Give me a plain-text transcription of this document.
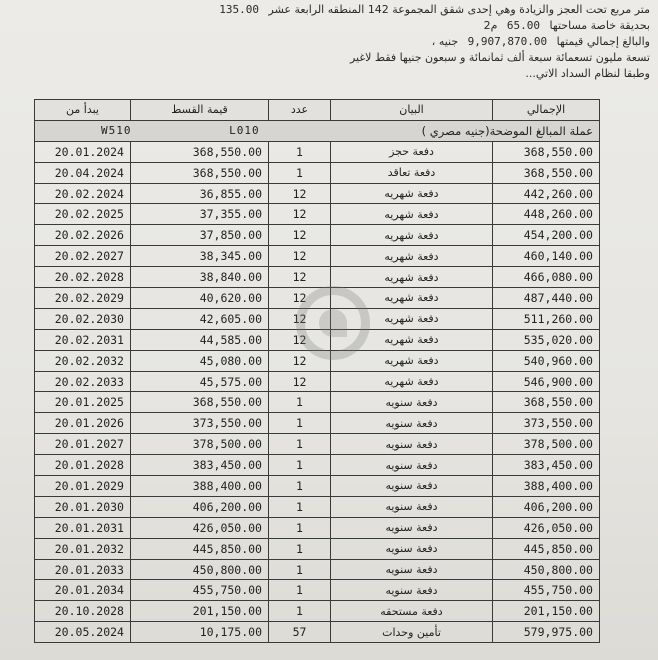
متر مربع تحت العجز والزيادة وهي إحدى شقق المجموعة 142 المنطقه الرابعة عشر 135.00
بحديقة خاصة مساحتها 65.00 م2
والبالغ إجمالي قيمتها 9,907,870.00 جنيه ،
تسعة مليون تسعمائة سبعة ألف ثمانمائة و سبعون جنيها فقط لاغير
وطبقا لنظام السداد الاتي...
W510 L010 عملة المبالغ الموضحة(جنيه مصري )				

يبدأ من	قيمة القسط	عدد	البيان	الإجمالي
20.01.2024	368,550.00	1	دفعة حجز	368,550.00
20.04.2024	368,550.00	1	دفعة تعاقد	368,550.00
20.02.2024	36,855.00	12	دفعة شهريه	442,260.00
20.02.2025	37,355.00	12	دفعة شهريه	448,260.00
20.02.2026	37,850.00	12	دفعة شهريه	454,200.00
20.02.2027	38,345.00	12	دفعة شهريه	460,140.00
20.02.2028	38,840.00	12	دفعة شهريه	466,080.00
20.02.2029	40,620.00	12	دفعة شهريه	487,440.00
20.02.2030	42,605.00	12	دفعة شهريه	511,260.00
20.02.2031	44,585.00	12	دفعة شهريه	535,020.00
20.02.2032	45,080.00	12	دفعة شهريه	540,960.00
20.02.2033	45,575.00	12	دفعة شهريه	546,900.00
20.01.2025	368,550.00	1	دفعة سنويه	368,550.00
20.01.2026	373,550.00	1	دفعة سنويه	373,550.00
20.01.2027	378,500.00	1	دفعة سنويه	378,500.00
20.01.2028	383,450.00	1	دفعة سنويه	383,450.00
20.01.2029	388,400.00	1	دفعة سنويه	388,400.00
20.01.2030	406,200.00	1	دفعة سنويه	406,200.00
20.01.2031	426,050.00	1	دفعة سنويه	426,050.00
20.01.2032	445,850.00	1	دفعة سنويه	445,850.00
20.01.2033	450,800.00	1	دفعة سنويه	450,800.00
20.01.2034	455,750.00	1	دفعة سنويه	455,750.00
20.10.2028	201,150.00	1	دفعة مستحقه	201,150.00
20.05.2024	10,175.00	57	تأمين وحدات	579,975.00
